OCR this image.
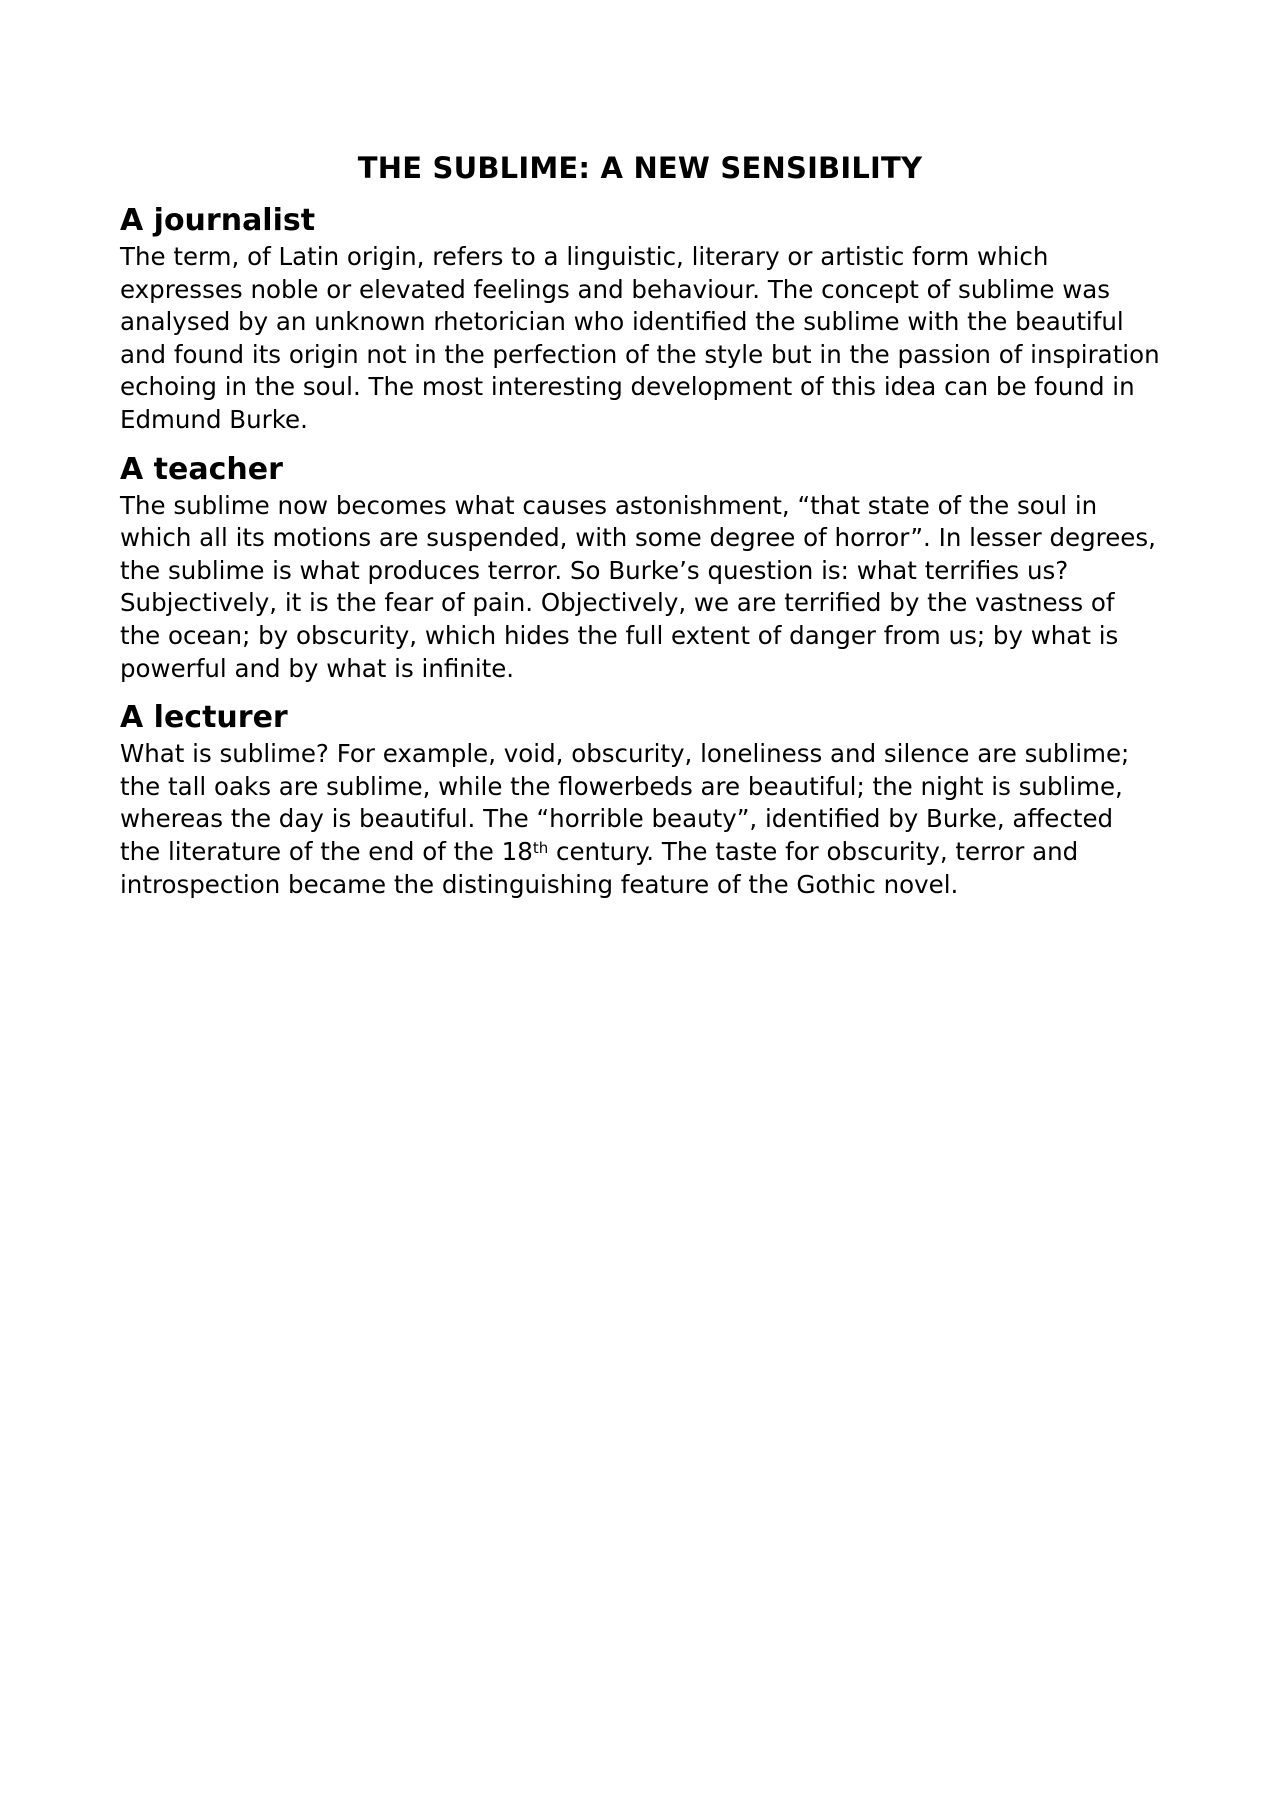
THE SUBLIME: A NEW SENSIBILITY
A journalist

The term, of Latin origin, refers to a linguistic, literary or artistic form which expresses noble or elevated feelings and behaviour. The concept of sublime was analysed by an unknown rhetorician who identified the sublime with the beautiful and found its origin not in the perfection of the style but in the passion of inspiration echoing in the soul. The most interesting development of this idea can be found in Edmund Burke.

A teacher

The sublime now becomes what causes astonishment, “that state of the soul in which all its motions are suspended, with some degree of horror”. In lesser degrees, the sublime is what produces terror. So Burke’s question is: what terrifies us? Subjectively, it is the fear of pain. Objectively, we are terrified by the vastness of the ocean; by obscurity, which hides the full extent of danger from us; by what is powerful and by what is infinite.

A lecturer

What is sublime? For example, void, obscurity, loneliness and silence are sublime; the tall oaks are sublime, while the flowerbeds are beautiful; the night is sublime, whereas the day is beautiful. The “horrible beauty”, identified by Burke, affected the literature of the end of the 18th century. The taste for obscurity, terror and introspection became the distinguishing feature of the Gothic novel.
